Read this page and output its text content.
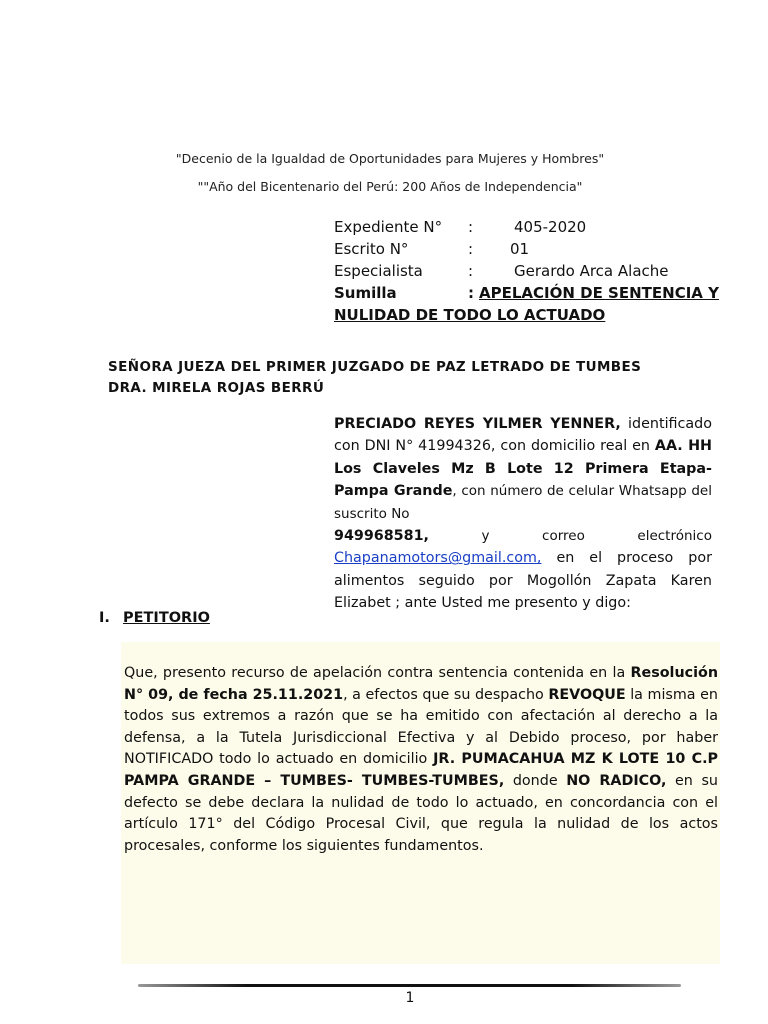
"Decenio de la Igualdad de Oportunidades para Mujeres y Hombres"
""Año del Bicentenario del Perú: 200 Años de Independencia"
Expediente N° :	405-2020
Escrito N°	: 01
Especialista	:	Gerardo Arca Alache
Sumilla	: APELACIÓN DE SENTENCIA Y
NULIDAD DE TODO LO ACTUADO
SEÑORA JUEZA DEL PRIMER JUZGADO DE PAZ LETRADO DE TUMBES
DRA. MIRELA ROJAS BERRÚ
PRECIADO REYES YILMER YENNER, identificado con DNI N° 41994326, con domicilio real en AA. HH Los Claveles Mz B Lote 12 Primera Etapa- Pampa Grande, con número de celular Whatsapp del suscrito No
949968581,	y	correo	electrónico
Chapanamotors@gmail.com, en el proceso por alimentos seguido por Mogollón Zapata Karen Elizabet ; ante Usted me presento y digo:
I. PETITORIO
Que, presento recurso de apelación contra sentencia contenida en la Resolución N° 09, de fecha 25.11.2021, a efectos que su despacho REVOQUE la misma en todos sus extremos a razón que se ha emitido con afectación al derecho a la defensa, a la Tutela Jurisdiccional Efectiva y al Debido proceso, por haber NOTIFICADO todo lo actuado en domicilio JR. PUMACAHUA MZ K LOTE 10 C.P PAMPA GRANDE – TUMBES- TUMBES-TUMBES, donde NO RADICO, en su defecto se debe declara la nulidad de todo lo actuado, en concordancia con el artículo 171° del Código Procesal Civil, que regula la nulidad de los actos procesales, conforme los siguientes fundamentos.
1
